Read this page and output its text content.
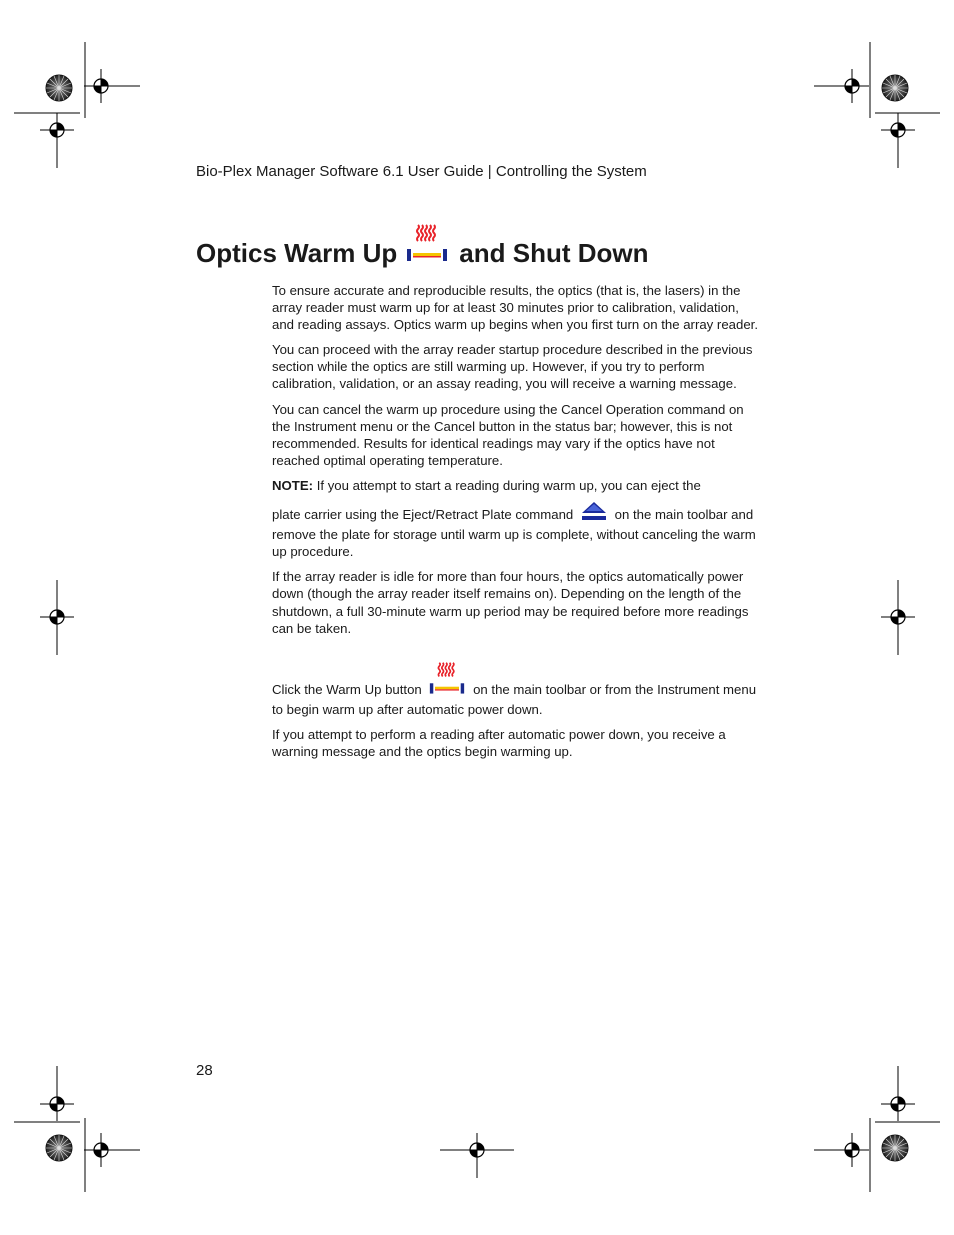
Bio-Plex Manager Software 6.1 User Guide | Controlling the System
Optics Warm Up and Shut Down

To ensure accurate and reproducible results, the optics (that is, the lasers) in the array reader must warm up for at least 30 minutes prior to calibration, validation, and reading assays. Optics warm up begins when you first turn on the array reader.

You can proceed with the array reader startup procedure described in the previous section while the optics are still warming up. However, if you try to perform calibration, validation, or an assay reading, you will receive a warning message.

You can cancel the warm up procedure using the Cancel Operation command on the Instrument menu or the Cancel button in the status bar; however, this is not recommended. Results for identical readings may vary if the optics have not reached optimal operating temperature.

NOTE: If you attempt to start a reading during warm up, you can eject the

plate carrier using the Eject/Retract Plate command	on the main toolbar and remove the plate for storage until warm up is complete, without canceling the warm up procedure.

If the array reader is idle for more than four hours, the optics automatically power down (though the array reader itself remains on). Depending on the length of the shutdown, a full 30-minute warm up period may be required before more readings can be taken.

Click the Warm Up button	on the main toolbar or from the Instrument menu to begin warm up after automatic power down.

If you attempt to perform a reading after automatic power down, you receive a warning message and the optics begin warming up.

28
